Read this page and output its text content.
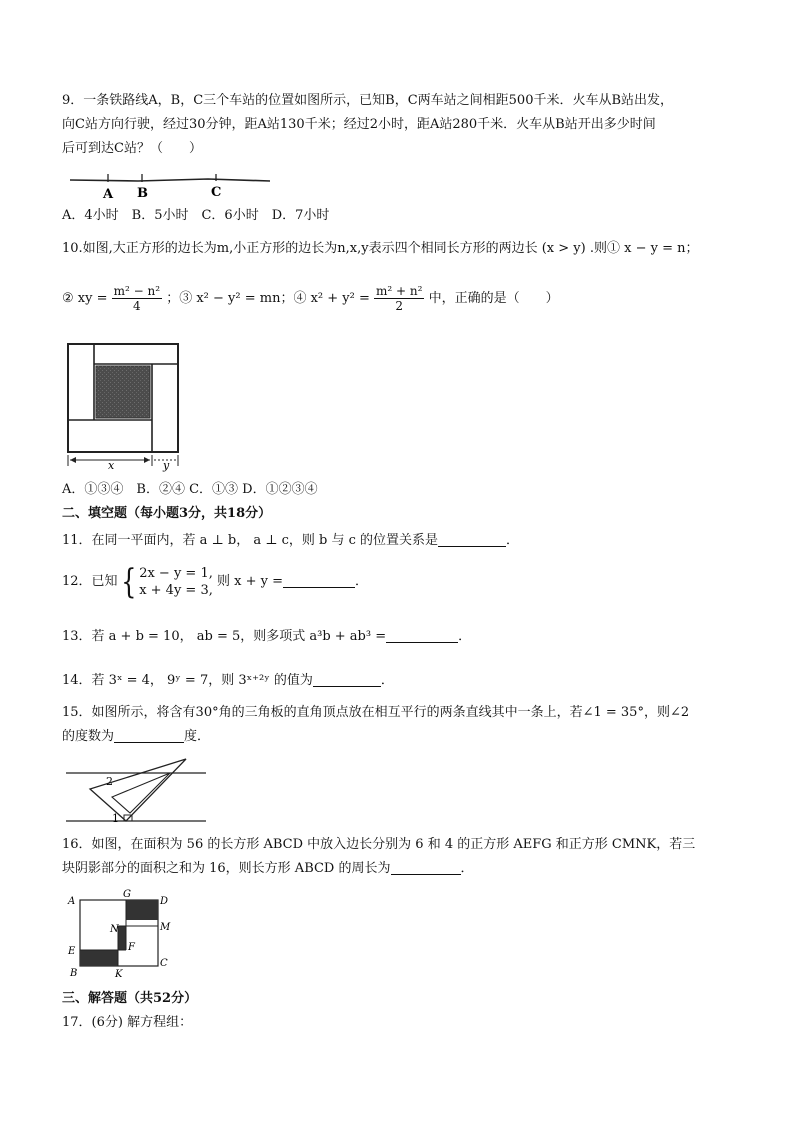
9．一条铁路线A，B，C三个车站的位置如图所示，已知B，C两车站之间相距500千米．火车从B站出发，
向C站方向行驶，经过30分钟，距A站130千米；经过2小时，距A站280千米．火车从B站开出多少时间
后可到达C站？（　　）
A B	C
A．4小时　B．5小时　C．6小时　D．7小时
10.如图,大正方形的边长为m,小正方形的边长为n,x,y表示四个相同长方形的两边长 (x > y) .则① x − y = n；
② xy = $\frac{\text{m² − n²}}{4}$ ；③ x² − y² = mn；④ $x^2 + y^2 = \frac{\text{m² + n²}}{2}$ 中，正确的是（　　）
x	y
A．①③④　B．②④ C．①③ D．①②③④
二、填空题（每小题3分，共18分）
11．在同一平面内，若 a ⊥ b， a ⊥ c，则 b 与 c 的位置关系是	．
12．已知{ 2x − y = 1,
x + 4y = 3,
则 x + y =	．
13．若 a + b = 10， ab = 5，则多项式 a³b + ab³ =	．
14．若 3ˣ = 4， 9ʸ = 7，则 3ˣ⁺²ʸ 的值为	．
15．如图所示，将含有30°角的三角板的直角顶点放在相互平行的两条直线其中一条上，若∠1 = 35°，则∠2
的度数为	度．
2
1
16．如图，在面积为 56 的长方形 ABCD 中放入边长分别为 6 和 4 的正方形 AEFG 和正方形 CMNK，若三
块阴影部分的面积之和为 16，则长方形 ABCD 的周长为	．
A
G
D
N	M
E	F
B	K
C
三、解答题（共52分）
17．(6分) 解方程组：
